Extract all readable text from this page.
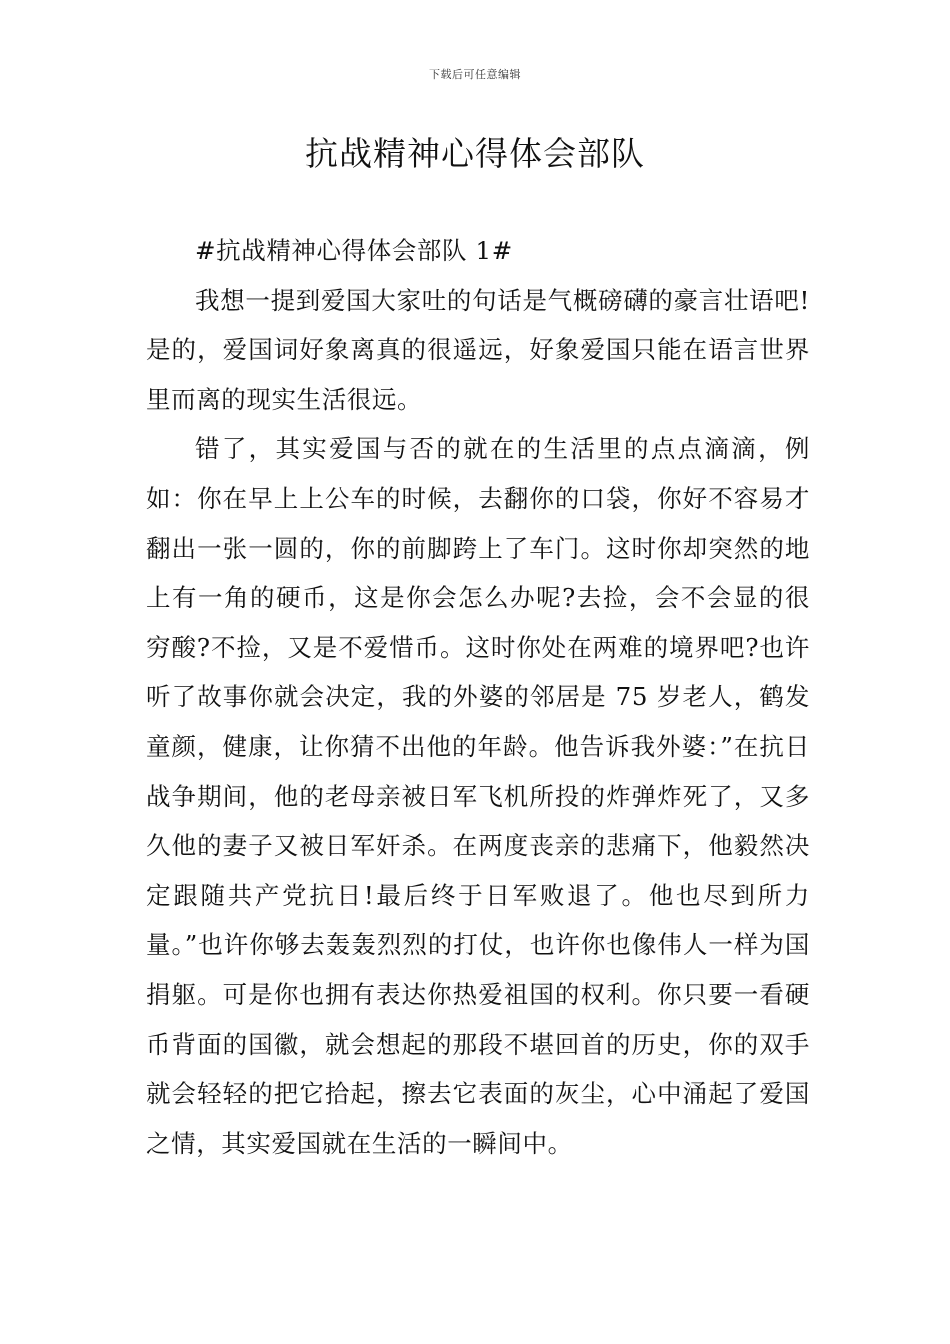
下载后可任意编辑
抗战精神心得体会部队

#抗战精神心得体会部队 1#

我想一提到爱国大家吐的句话是气概磅礴的豪言壮语吧!是的，爱国词好象离真的很遥远，好象爱国只能在语言世界里而离的现实生活很远。

错了，其实爱国与否的就在的生活里的点点滴滴，例如：你在早上上公车的时候，去翻你的口袋，你好不容易才翻出一张一圆的，你的前脚跨上了车门。这时你却突然的地上有一角的硬币，这是你会怎么办呢?去捡，会不会显的很穷酸?不捡，又是不爱惜币。这时你处在两难的境界吧?也许听了故事你就会决定，我的外婆的邻居是 75 岁老人，鹤发童颜，健康，让你猜不出他的年龄。他告诉我外婆：”在抗日战争期间，他的老母亲被日军飞机所投的炸弹炸死了，又多久他的妻子又被日军奸杀。在两度丧亲的悲痛下，他毅然决定跟随共产党抗日!最后终于日军败退了。他也尽到所力量。”也许你够去轰轰烈烈的打仗，也许你也像伟人一样为国捐躯。可是你也拥有表达你热爱祖国的权利。你只要一看硬币背面的国徽，就会想起的那段不堪回首的历史，你的双手就会轻轻的把它拾起，擦去它表面的灰尘，心中涌起了爱国之情，其实爱国就在生活的一瞬间中。
